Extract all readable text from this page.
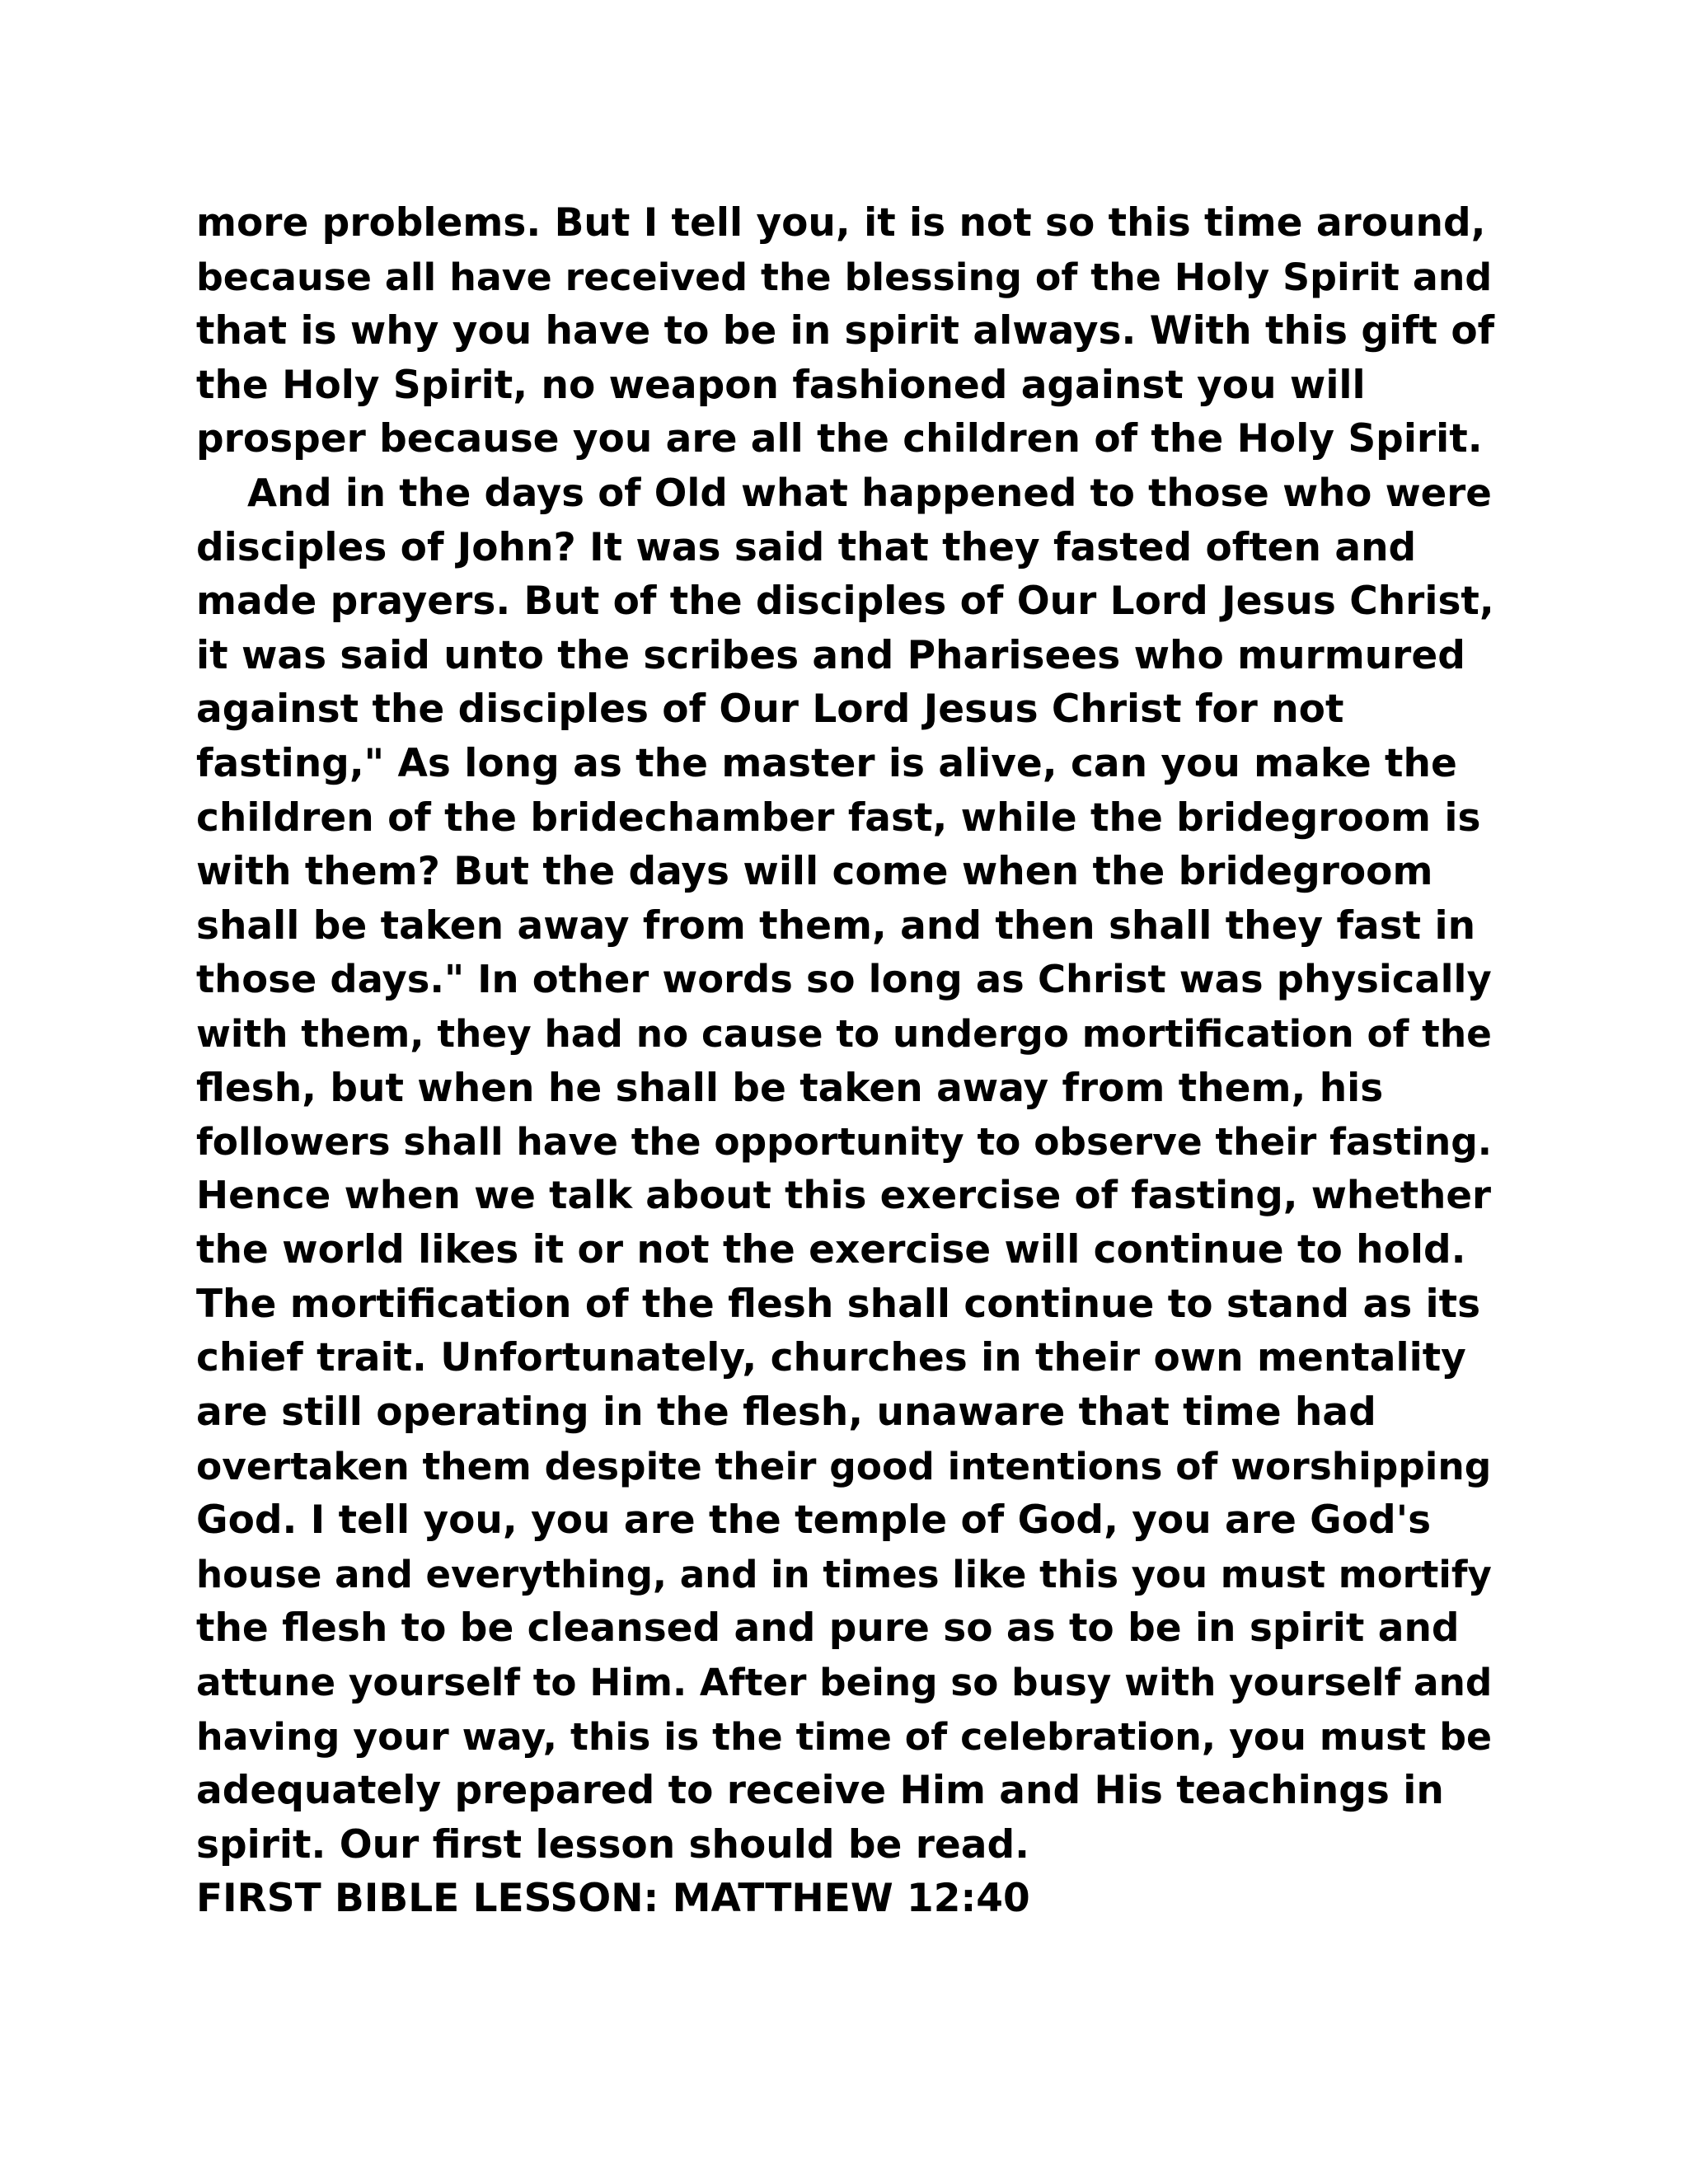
more problems. But I tell you, it is not so this time around,
because all have received the blessing of the Holy Spirit and
that is why you have to be in spirit always. With this gift of
the Holy Spirit, no weapon fashioned against you will
prosper because you are all the children of the Holy Spirit.
And in the days of Old what happened to those who were
disciples of John? It was said that they fasted often and
made prayers. But of the disciples of Our Lord Jesus Christ,
it was said unto the scribes and Pharisees who murmured
against the disciples of Our Lord Jesus Christ for not
fasting," As long as the master is alive, can you make the
children of the bridechamber fast, while the bridegroom is
with them? But the days will come when the bridegroom
shall be taken away from them, and then shall they fast in
those days." In other words so long as Christ was physically
with them, they had no cause to undergo mortification of the
flesh, but when he shall be taken away from them, his
followers shall have the opportunity to observe their fasting.
Hence when we talk about this exercise of fasting, whether
the world likes it or not the exercise will continue to hold.
The mortification of the flesh shall continue to stand as its
chief trait. Unfortunately, churches in their own mentality
are still operating in the flesh, unaware that time had
overtaken them despite their good intentions of worshipping
God. I tell you, you are the temple of God, you are God's
house and everything, and in times like this you must mortify
the flesh to be cleansed and pure so as to be in spirit and
attune yourself to Him. After being so busy with yourself and
having your way, this is the time of celebration, you must be
adequately prepared to receive Him and His teachings in
spirit. Our first lesson should be read.
FIRST BIBLE LESSON: MATTHEW 12:40
